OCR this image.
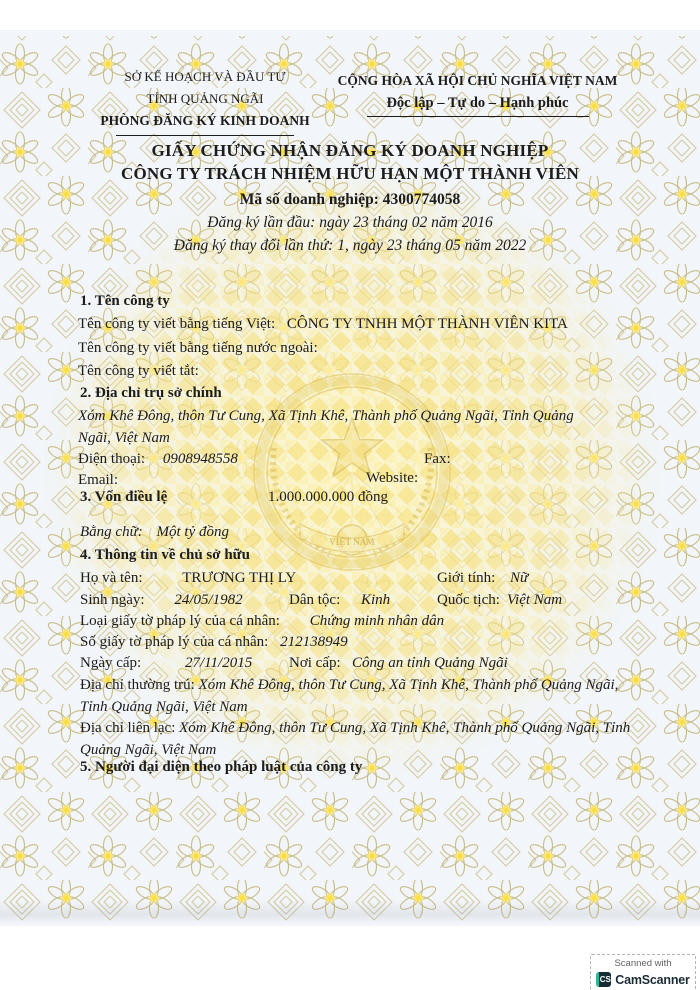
VIỆT NAM
SỞ KẾ HOẠCH VÀ ĐẦU TƯ
TỈNH QUẢNG NGÃI
PHÒNG ĐĂNG KÝ KINH DOANH
CỘNG HÒA XÃ HỘI CHỦ NGHĨA VIỆT NAM
Độc lập – Tự do – Hạnh phúc
GIẤY CHỨNG NHẬN ĐĂNG KÝ DOANH NGHIỆP
CÔNG TY TRÁCH NHIỆM HỮU HẠN MỘT THÀNH VIÊN
Mã số doanh nghiệp: 4300774058
Đăng ký lần đầu: ngày 23 tháng 02 năm 2016
Đăng ký thay đổi lần thứ: 1, ngày 23 tháng 05 năm 2022
1. Tên công ty
Tên công ty viết bằng tiếng Việt: CÔNG TY TNHH MỘT THÀNH VIÊN KITA
Tên công ty viết bằng tiếng nước ngoài:
Tên công ty viết tắt:
2. Địa chỉ trụ sở chính
Xóm Khê Đông, thôn Tư Cung, Xã Tịnh Khê, Thành phố Quảng Ngãi, Tỉnh Quảng Ngãi, Việt Nam
Điện thoại: 0908948558	Fax:
Email:	Website:
3. Vốn điều lệ	1.000.000.000 đồng
Bằng chữ: Một tỷ đồng
4. Thông tin về chủ sở hữu
Họ và tên:	TRƯƠNG THỊ LY	Giới tính: Nữ
Sinh ngày: 24/05/1982	Dân tộc: Kinh	Quốc tịch: Việt Nam
Loại giấy tờ pháp lý của cá nhân: Chứng minh nhân dân
Số giấy tờ pháp lý của cá nhân: 212138949
Ngày cấp:	27/11/2015 Nơi cấp: Công an tỉnh Quảng Ngãi
Địa chỉ thường trú: Xóm Khê Đông, thôn Tư Cung, Xã Tịnh Khê, Thành phố Quảng Ngãi, Tỉnh Quảng Ngãi, Việt Nam
Địa chỉ liên lạc: Xóm Khê Đông, thôn Tư Cung, Xã Tịnh Khê, Thành phố Quảng Ngãi, Tỉnh Quảng Ngãi, Việt Nam
5. Người đại diện theo pháp luật của công ty
Scanned with
CS CamScanner
